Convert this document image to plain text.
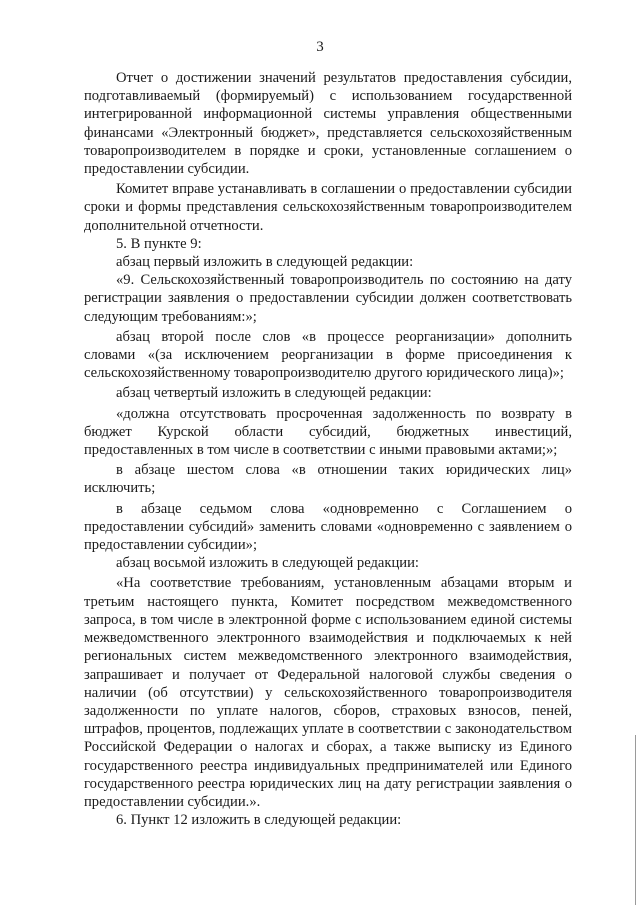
3

Отчет о достижении значений результатов предоставления субсидии, подготавливаемый (формируемый) с использованием государственной интегрированной информационной системы управления общественными финансами «Электронный бюджет», представляется сельскохозяйственным товаропроизводителем в порядке и сроки, установленные соглашением о предоставлении субсидии.

Комитет вправе устанавливать в соглашении о предоставлении субсидии сроки и формы представления сельскохозяйственным товаропроизводителем дополнительной отчетности.

5. В пункте 9:

абзац первый изложить в следующей редакции:

«9. Сельскохозяйственный товаропроизводитель по состоянию на дату регистрации заявления о предоставлении субсидии должен соответствовать следующим требованиям:»;

абзац второй после слов «в процессе реорганизации» дополнить словами «(за исключением реорганизации в форме присоединения к сельскохозяйственному товаропроизводителю другого юридического лица)»;

абзац четвертый изложить в следующей редакции:

«должна отсутствовать просроченная задолженность по возврату в бюджет Курской области субсидий, бюджетных инвестиций, предоставленных в том числе в соответствии с иными правовыми актами;»;

в абзаце шестом слова «в отношении таких юридических лиц» исключить;

в абзаце седьмом слова «одновременно с Соглашением о предоставлении субсидий» заменить словами «одновременно с заявлением о предоставлении субсидии»;

абзац восьмой изложить в следующей редакции:

«На соответствие требованиям, установленным абзацами вторым и третьим настоящего пункта, Комитет посредством межведомственного запроса, в том числе в электронной форме с использованием единой системы межведомственного электронного взаимодействия и подключаемых к ней региональных систем межведомственного электронного взаимодействия, запрашивает и получает от Федеральной налоговой службы сведения о наличии (об отсутствии) у сельскохозяйственного товаропроизводителя задолженности по уплате налогов, сборов, страховых взносов, пеней, штрафов, процентов, подлежащих уплате в соответствии с законодательством Российской Федерации о налогах и сборах, а также выписку из Единого государственного реестра индивидуальных предпринимателей или Единого государственного реестра юридических лиц на дату регистрации заявления о предоставлении субсидии.».

6. Пункт 12 изложить в следующей редакции:
